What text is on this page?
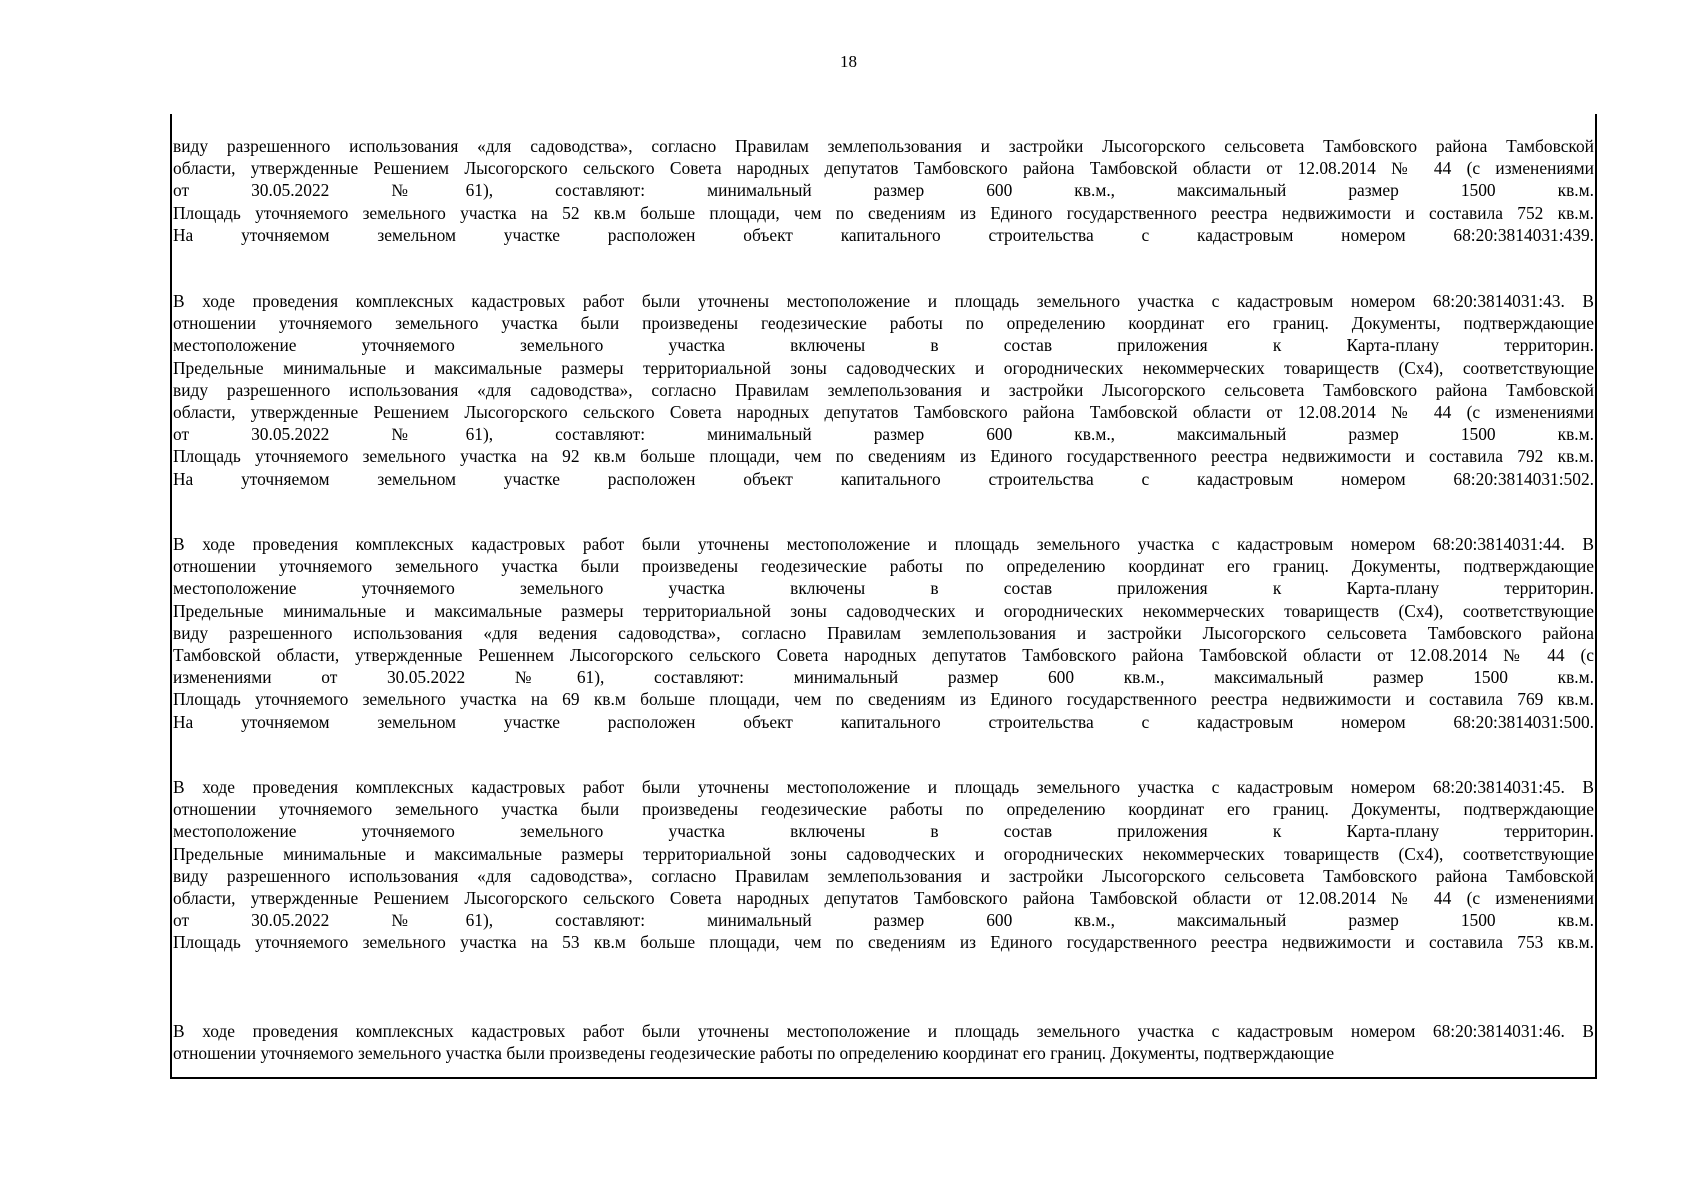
18
виду разрешенного использования «для садоводства», согласно Правилам землепользования и застройки Лысогорского сельсовета Тамбовского района Тамбовской
области, утвержденные Решением Лысогорского сельского Совета народных депутатов Тамбовского района Тамбовской области от 12.08.2014 № 44 (с изменениями
от 30.05.2022 №61), составляют: минимальный размер 600 кв.м., максимальный размер 1500 кв.м.
Площадь уточняемого земельного участка на 52 кв.м больше площади, чем по сведениям из Единого государственного реестра недвижимости и составила 752 кв.м.
На уточняемом земельном участке расположен объект капитального строительства с кадастровым номером 68:20:3814031:439.
В ходе проведения комплексных кадастровых работ были уточнены местоположение и площадь земельного участка с кадастровым номером 68:20:3814031:43. В
отношении уточняемого земельного участка были произведены геодезические работы по определению координат его границ. Документы, подтверждающие
местоположение уточняемого земельного участка включены в состав приложения к Карта-плану территорин.
Предельные минимальные и максимальные размеры территориальной зоны садоводческих и огороднических некоммерческих товариществ (Сх4), соответствующие
виду разрешенного использования «для садоводства», согласно Правилам землепользования и застройки Лысогорского сельсовета Тамбовского района Тамбовской
области, утвержденные Решением Лысогорского сельского Совета народных депутатов Тамбовского района Тамбовской области от 12.08.2014 № 44 (с изменениями
от 30.05.2022 №61), составляют: минимальный размер 600 кв.м., максимальный размер 1500 кв.м.
Площадь уточняемого земельного участка на 92 кв.м больше площади, чем по сведениям из Единого государственного реестра недвижимости и составила 792 кв.м.
На уточняемом земельном участке расположен объект капитального строительства с кадастровым номером 68:20:3814031:502.
В ходе проведения комплексных кадастровых работ были уточнены местоположение и площадь земельного участка с кадастровым номером 68:20:3814031:44. В
отношении уточняемого земельного участка были произведены геодезические работы по определению координат его границ. Документы, подтверждающие
местоположение уточняемого земельного участка включены в состав приложения к Карта-плану территорин.
Предельные минимальные и максимальные размеры территориальной зоны садоводческих и огороднических некоммерческих товариществ (Сх4), соответствующие
виду разрешенного использования «для ведения садоводства», согласно Правилам землепользования и застройки Лысогорского сельсовета Тамбовского района
Тамбовской области, утвержденные Решеннем Лысогорского сельского Совета народных депутатов Тамбовского района Тамбовской области от 12.08.2014 № 44 (с
изменениями от 30.05.2022 №61), составляют: минимальный размер 600 кв.м., максимальный размер 1500 кв.м.
Площадь уточняемого земельного участка на 69 кв.м больше площади, чем по сведениям из Единого государственного реестра недвижимости и составила 769 кв.м.
На уточняемом земельном участке расположен объект капитального строительства с кадастровым номером 68:20:3814031:500.
В ходе проведения комплексных кадастровых работ были уточнены местоположение и площадь земельного участка с кадастровым номером 68:20:3814031:45. В
отношении уточняемого земельного участка были произведены геодезические работы по определению координат его границ. Документы, подтверждающие
местоположение уточняемого земельного участка включены в состав приложения к Карта-плану территорин.
Предельные минимальные и максимальные размеры территориальной зоны садоводческих и огороднических некоммерческих товариществ (Сх4), соответствующие
виду разрешенного использования «для садоводства», согласно Правилам землепользования и застройки Лысогорского сельсовета Тамбовского района Тамбовской
области, утвержденные Решением Лысогорского сельского Совета народных депутатов Тамбовского района Тамбовской области от 12.08.2014 № 44 (с изменениями
от 30.05.2022 №61), составляют: минимальный размер 600 кв.м., максимальный размер 1500 кв.м.
Площадь уточняемого земельного участка на 53 кв.м больше площади, чем по сведениям из Единого государственного реестра недвижимости и составила 753 кв.м.
В ходе проведения комплексных кадастровых работ были уточнены местоположение и площадь земельного участка с кадастровым номером 68:20:3814031:46. В
отношении уточняемого земельного участка были произведены геодезические работы по определению координат его границ. Документы, подтверждающие
